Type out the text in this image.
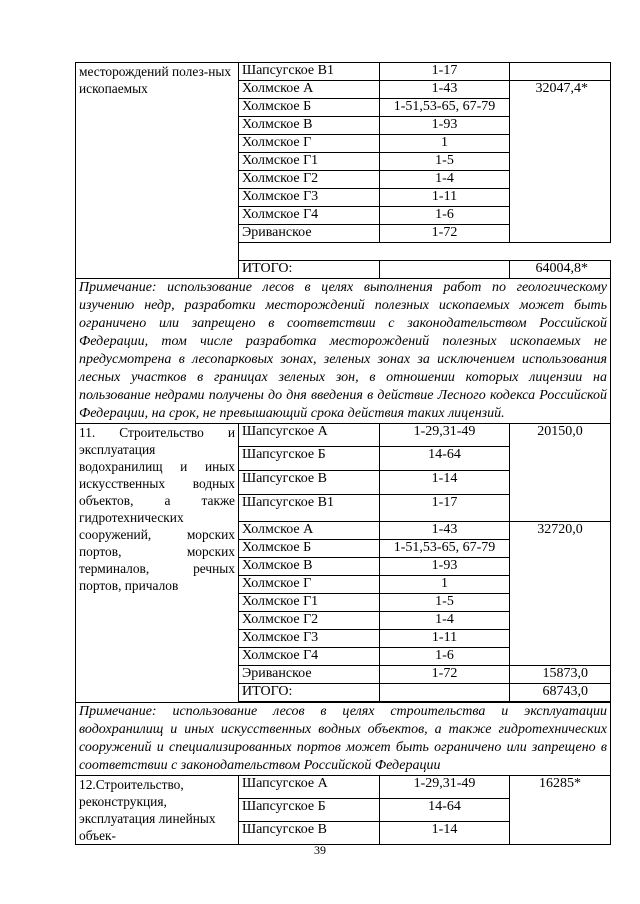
месторождений полез-ных ископаемых	Шапсугское В1	1-17	
	Холмское А	1-43	32047,4*
	Холмское Б	1-51,53-65, 67-79	
	Холмское В	1-93	
	Холмское Г	1	
	Холмское Г1	1-5	
	Холмское Г2	1-4	
	Холмское Г3	1-11	
	Холмское Г4	1-6	
	Эриванское	1-72	

	ИТОГО:		64004,8*
Примечание: использование лесов в целях выполнения работ по геологическому изучению недр, разработки месторождений полезных ископаемых может быть ограничено или запрещено в соответствии с законодательством Российской Федерации, том числе разработка месторождений полезных ископаемых не предусмотрена в лесопарковых зонах, зеленых зонах за исключением использования лесных участков в границах зеленых зон, в отношении которых лицензии на пользование недрами получены до дня введения в действие Лесного кодекса Российской Федерации, на срок, не превышающий срока действия таких лицензий.			
11. Строительство и эксплуатация водохранилищ и иных искусственных водных объектов, а также гидротехнических сооружений, морских портов, морских терминалов, речных портов, причалов	Шапсугское А	1-29,31-49	20150,0
	Шапсугское Б	14-64	
	Шапсугское В	1-14	
	Шапсугское В1	1-17	
	Холмское А	1-43	32720,0
	Холмское Б	1-51,53-65, 67-79	
	Холмское В	1-93	
	Холмское Г	1	
	Холмское Г1	1-5	
	Холмское Г2	1-4	
	Холмское Г3	1-11	
	Холмское Г4	1-6	
	Эриванское	1-72	15873,0
	ИТОГО:		68743,0

Примечание: использование лесов в целях строительства и эксплуатации водохранилищ и иных искусственных водных объектов, а также гидротехнических сооружений и специализированных портов может быть ограничено или запрещено в соответствии с законодательством Российской Федерации			
12.Строительство, реконструкция, эксплуатация линейных объек-	Шапсугское А	1-29,31-49	16285*
	Шапсугское Б	14-64	
	Шапсугское В	1-14	
39
